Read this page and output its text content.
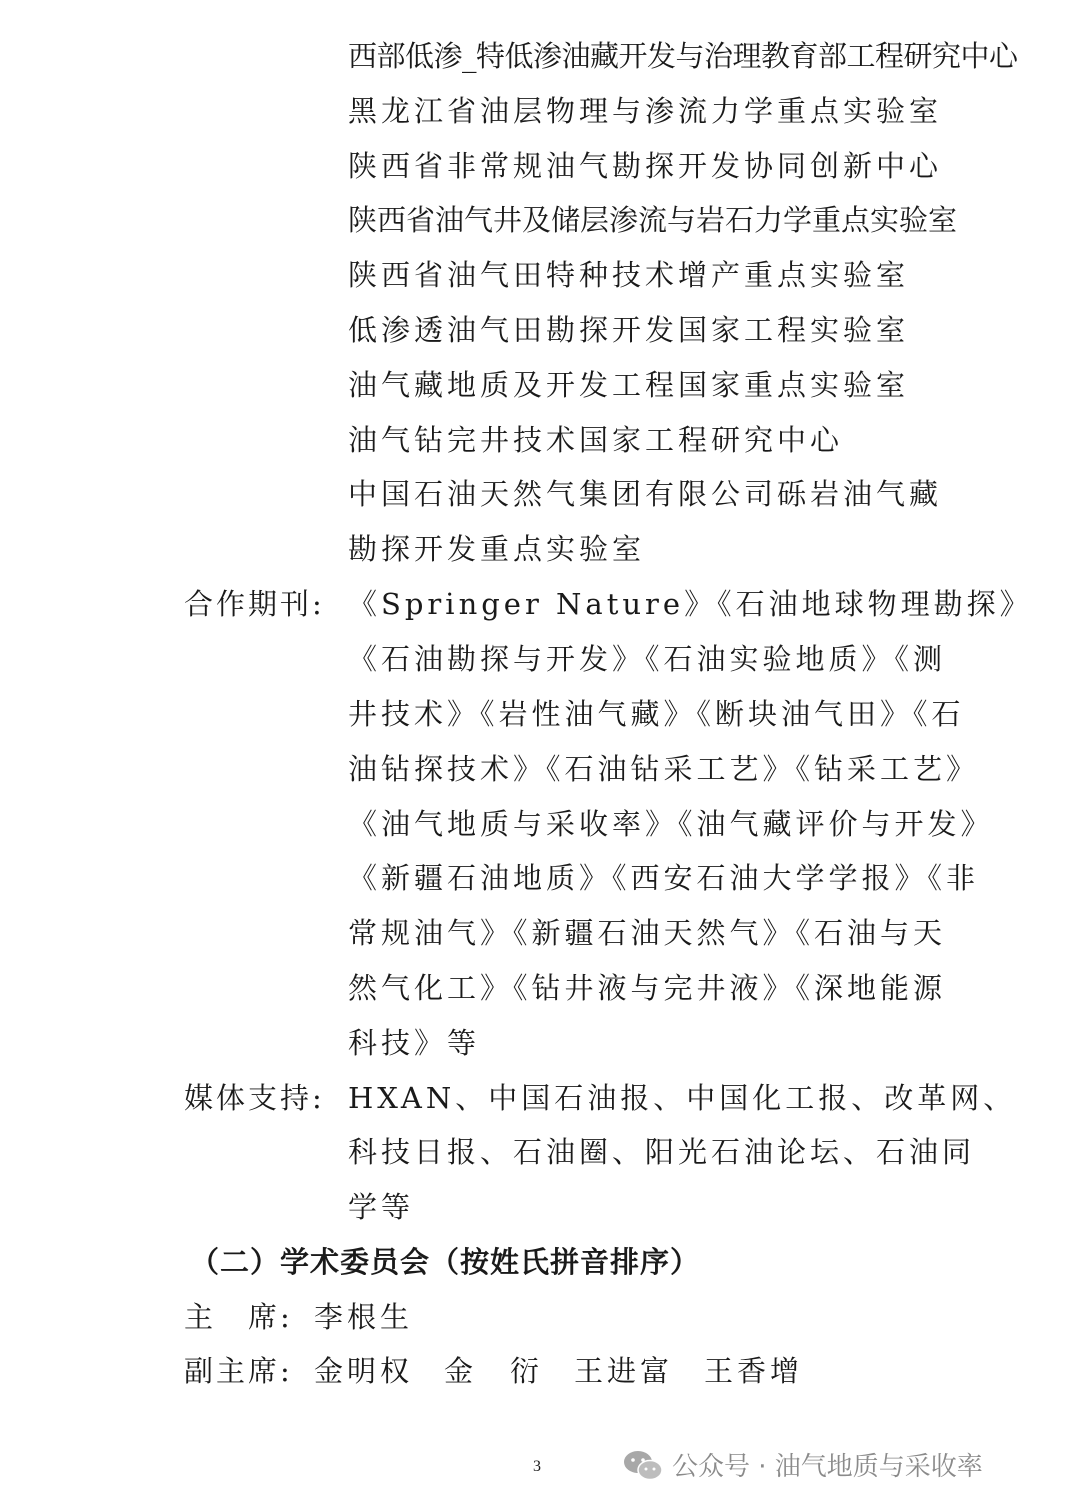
西部低渗_特低渗油藏开发与治理教育部工程研究中心
黑龙江省油层物理与渗流力学重点实验室
陕西省非常规油气勘探开发协同创新中心
陕西省油气井及储层渗流与岩石力学重点实验室
陕西省油气田特种技术增产重点实验室
低渗透油气田勘探开发国家工程实验室
油气藏地质及开发工程国家重点实验室
油气钻完井技术国家工程研究中心
中国石油天然气集团有限公司砾岩油气藏
勘探开发重点实验室
合作期刊: 《Springer Nature》《石油地球物理勘探》
《石油勘探与开发》《石油实验地质》《测
井技术》《岩性油气藏》《断块油气田》《石
油钻探技术》《石油钻采工艺》《钻采工艺》
《油气地质与采收率》《油气藏评价与开发》
《新疆石油地质》《西安石油大学学报》《非
常规油气》《新疆石油天然气》《石油与天
然气化工》《钻井液与完井液》《深地能源
科技》等
媒体支持: HXAN、中国石油报、中国化工报、改革网、
科技日报、石油圈、阳光石油论坛、石油同
学等
（二）学术委员会（按姓氏拼音排序）
主　席: 李根生
副主席: 金明权 金　衍 王进富 王香增
3	公众号 · 油气地质与采收率
